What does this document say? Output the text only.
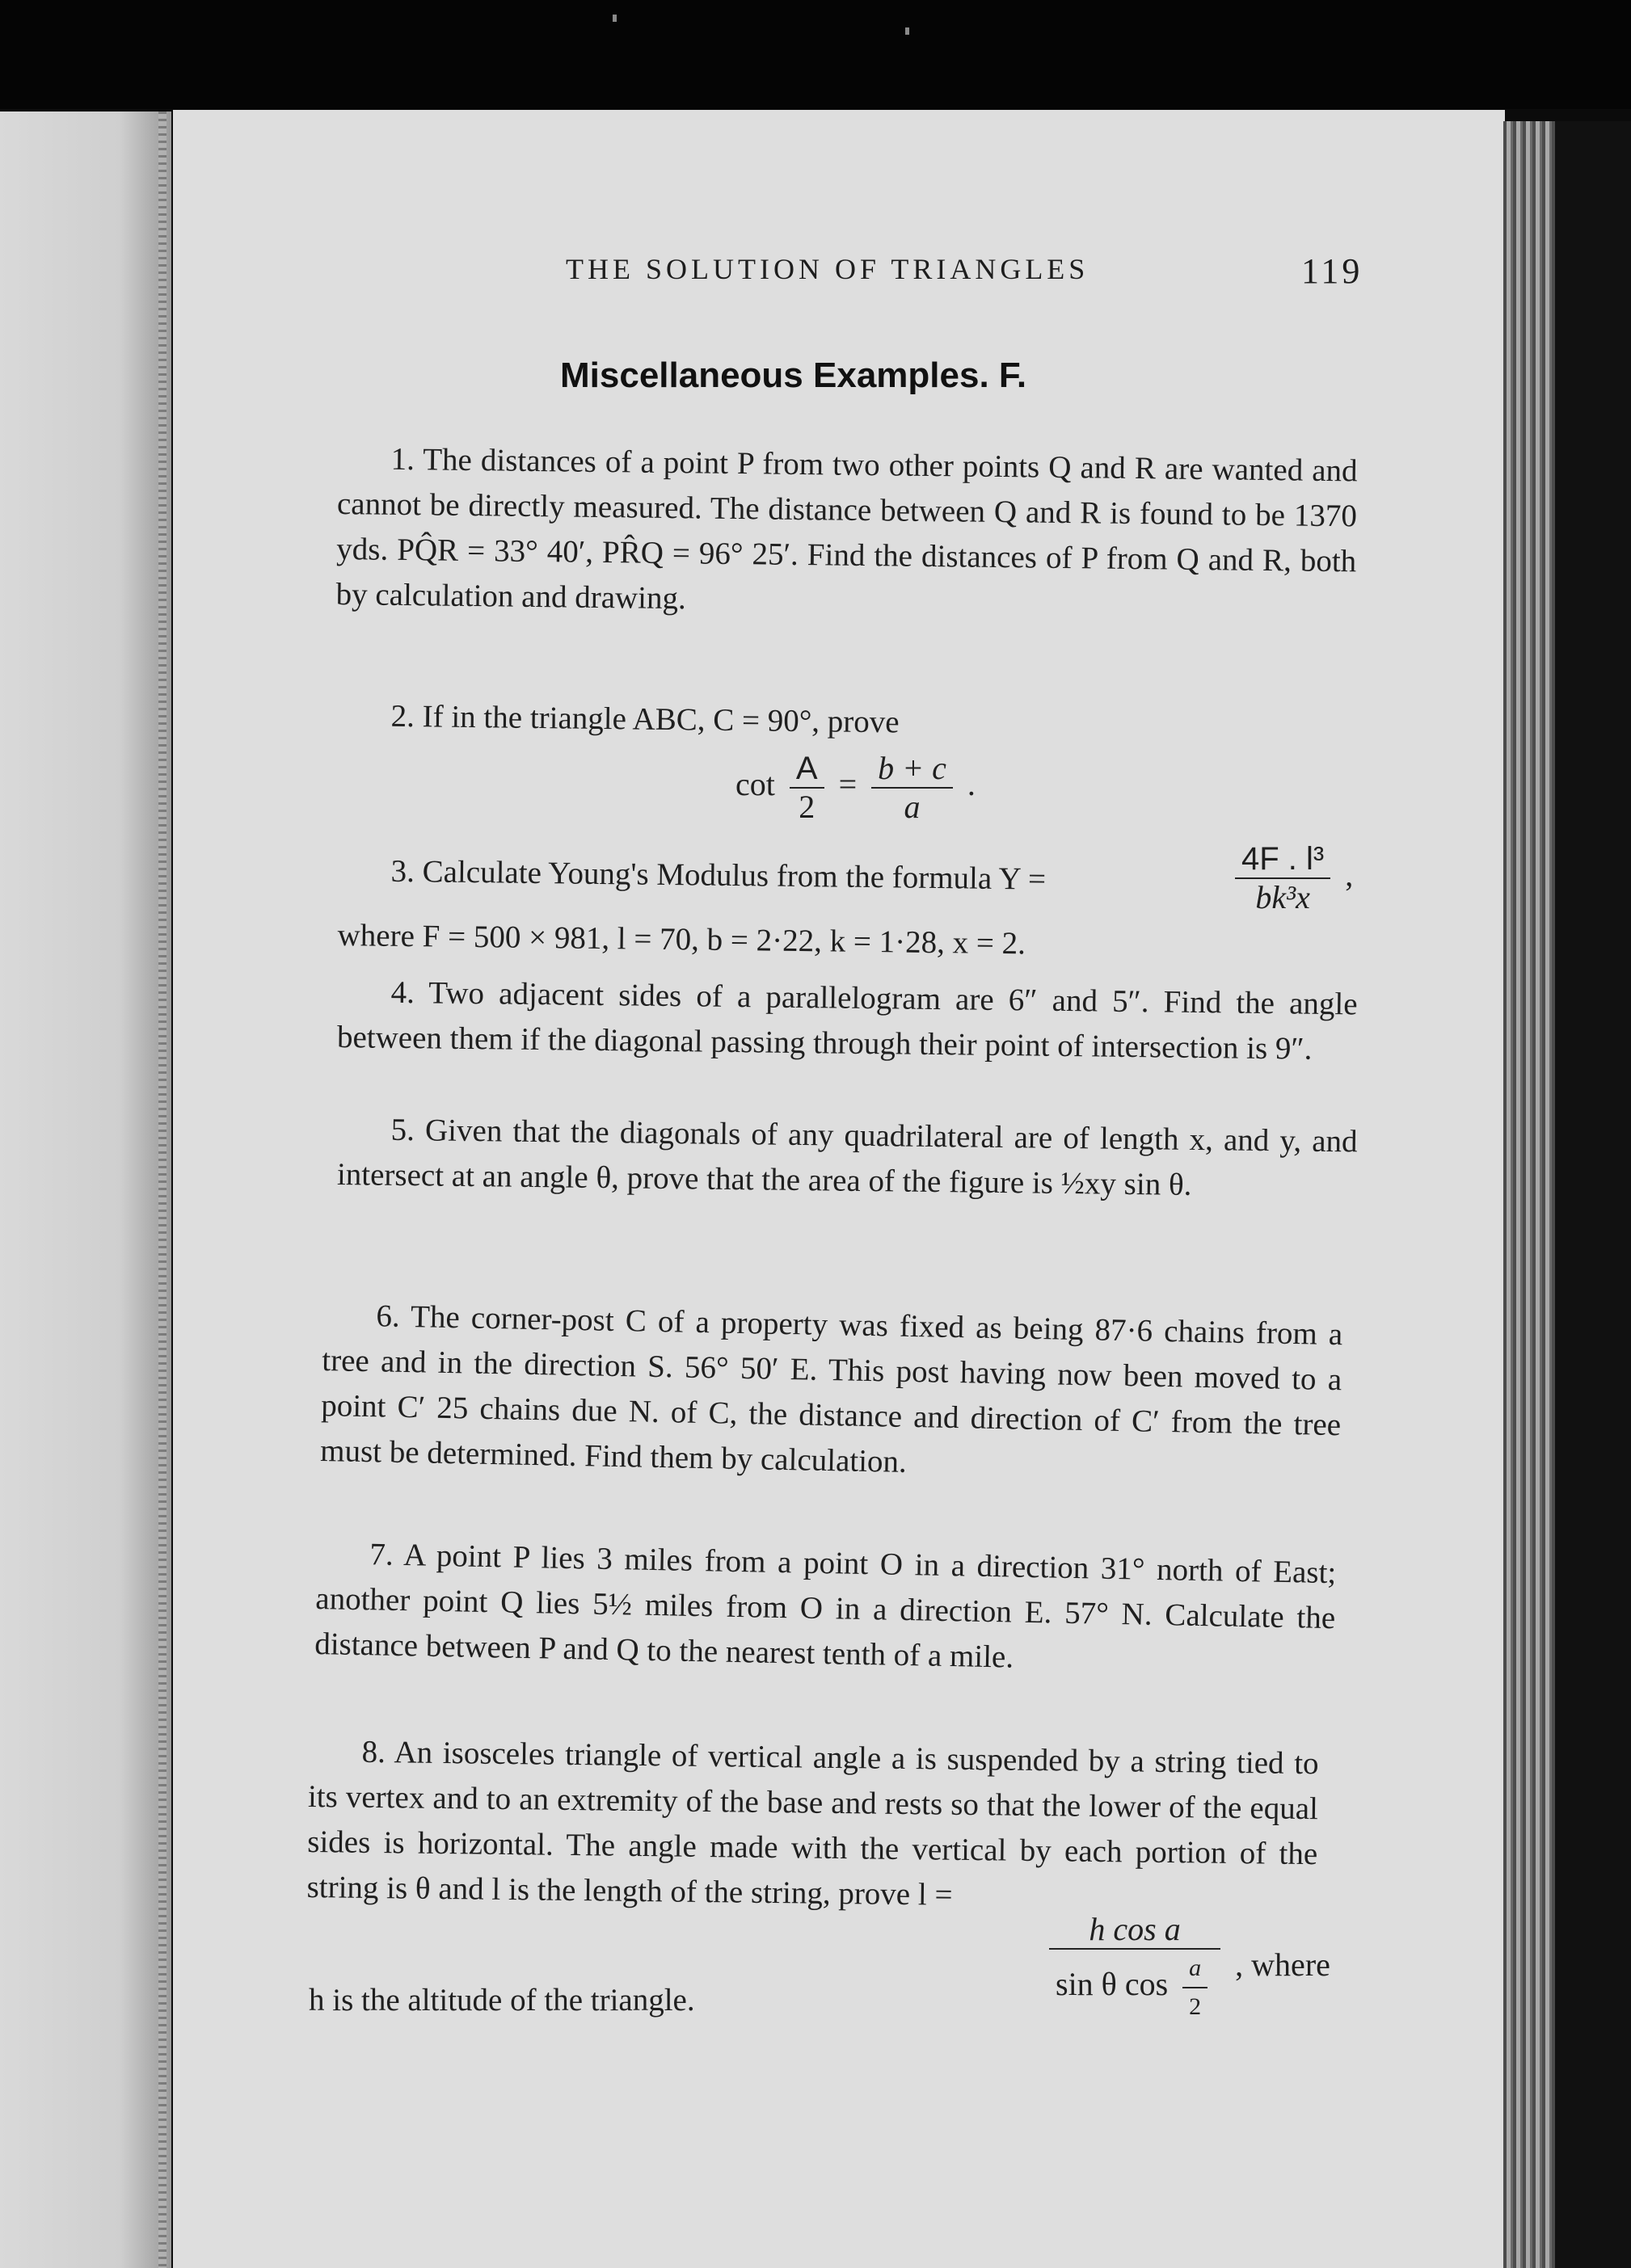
THE SOLUTION OF TRIANGLES	119
Miscellaneous Examples. F.

1. The distances of a point P from two other points Q and R are wanted and cannot be directly measured. The distance between Q and R is found to be 1370 yds. PQ̂R = 33° 40′, PR̂Q = 96° 25′. Find the distances of P from Q and R, both by calculation and drawing.

2. If in the triangle ABC, C = 90°, prove

$\cot \frac{A}{2} = \frac{b + c}{a}$ .

3. Calculate Young's Modulus from the formula Y =	$\frac{\text{4F . l³}}{\text{bk³x}}$ ,

where F = 500 × 981, l = 70, b = 2·22, k = 1·28, x = 2.

4. Two adjacent sides of a parallelogram are 6″ and 5″. Find the angle between them if the diagonal passing through their point of intersection is 9″.

5. Given that the diagonals of any quadrilateral are of length x, and y, and intersect at an angle θ, prove that the area of the figure is ½xy sin θ.

6. The corner-post C of a property was fixed as being 87·6 chains from a tree and in the direction S. 56° 50′ E. This post having now been moved to a point C′ 25 chains due N. of C, the distance and direction of C′ from the tree must be determined. Find them by calculation.

7. A point P lies 3 miles from a point O in a direction 31° north of East; another point Q lies 5½ miles from O in a direction E. 57° N. Calculate the distance between P and Q to the nearest tenth of a mile.

8. An isosceles triangle of vertical angle a is suspended by a string tied to its vertex and to an extremity of the base and rests so that the lower of the equal sides is horizontal. The angle made with the vertical by each portion of the string is θ and l is the length of the string, prove l =

$\frac{\text{h cos a}}{\sin \theta \cos \frac{a}{2}}$ , where

h is the altitude of the triangle.
